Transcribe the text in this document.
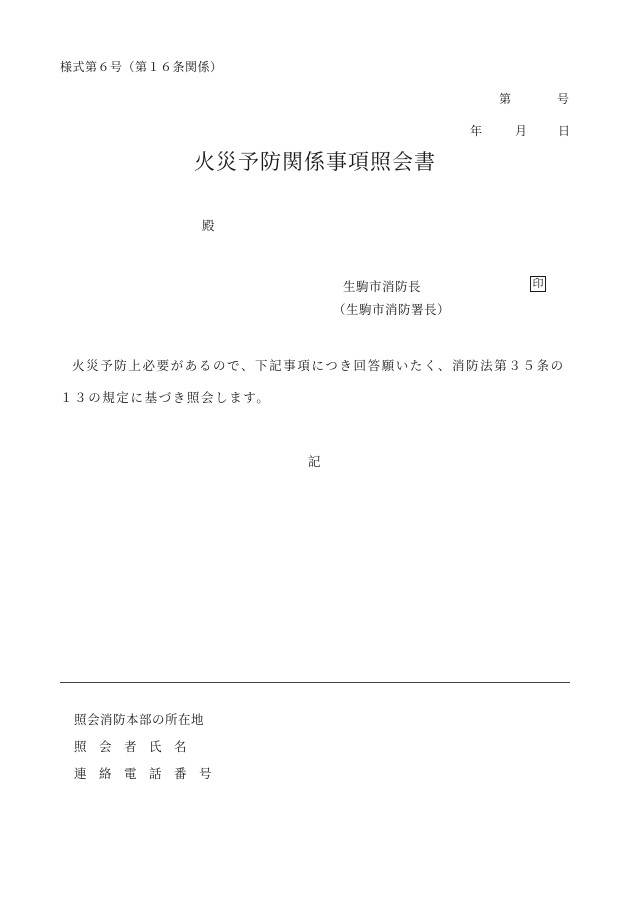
様式第６号（第１６条関係）
第	号
年	月	日
火災予防関係事項照会書
殿
生駒市消防長	印
（生駒市消防署長）
火災予防上必要があるので、下記事項につき回答願いたく、消防法第３５条の
１３の規定に基づき照会します。
記
照会消防本部の所在地
照　会　者　氏　名
連　絡　電　話　番　号
